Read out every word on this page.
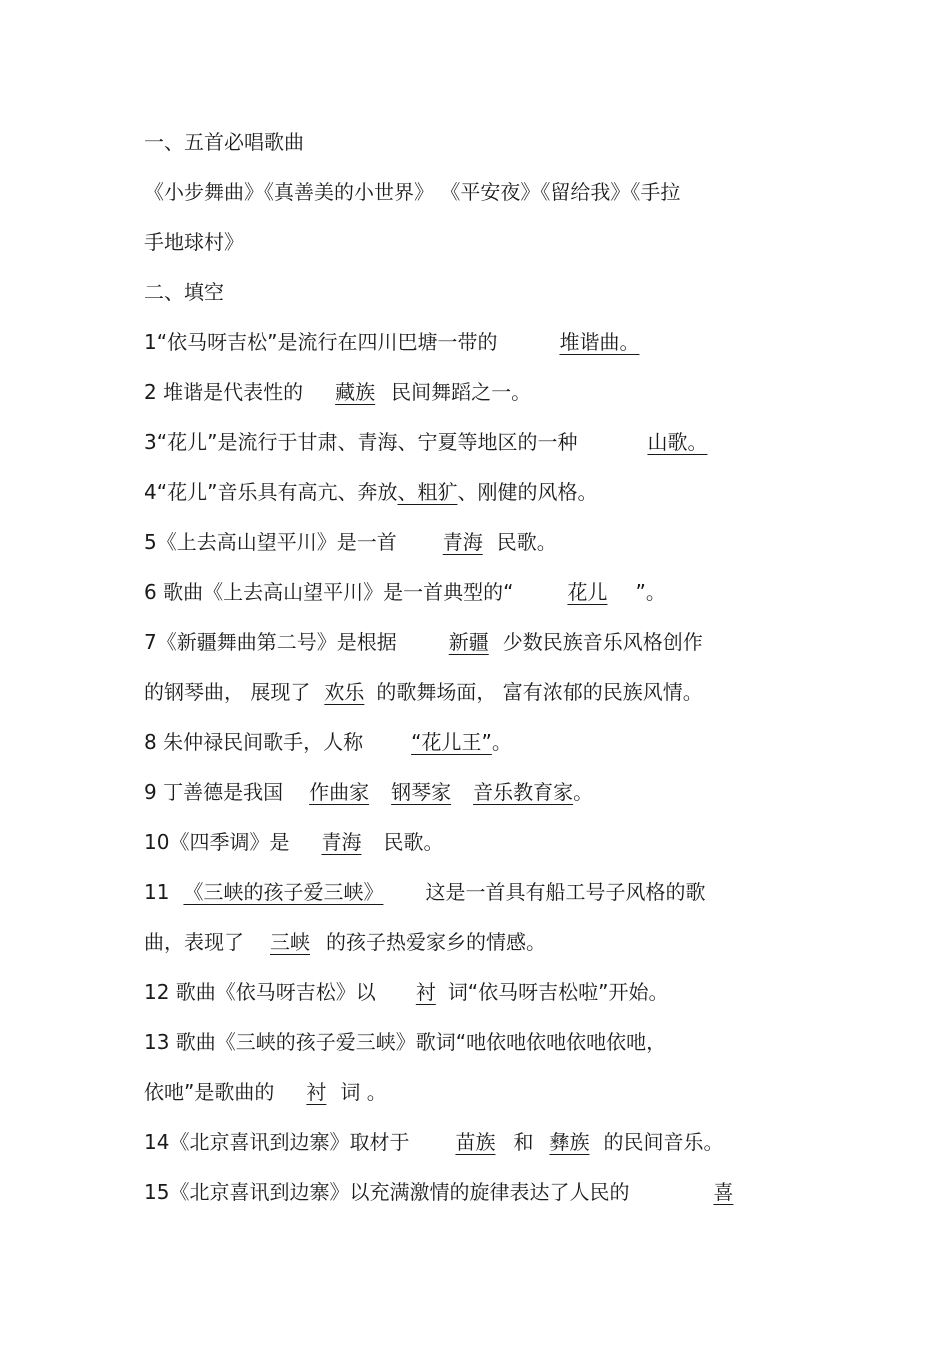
一、五首必唱歌曲
《小步舞曲》《真善美的小世界》 《平安夜》《留给我》《手拉
手地球村》
二、填空
1“依马呀吉松”是流行在四川巴塘一带的	堆谐曲。
2 堆谐是代表性的 藏族 民间舞蹈之一。
3“花儿”是流行于甘肃、青海、宁夏等地区的一种	山歌。
4“花儿”音乐具有高亢、奔放、粗犷、刚健的风格。
5《上去高山望平川》是一首 青海 民歌。
6 歌曲《上去高山望平川》是一首典型的“	花儿 ”。
7《新疆舞曲第二号》是根据	新疆 少数民族音乐风格创作
的钢琴曲， 展现了 欢乐 的歌舞场面， 富有浓郁的民族风情。
8 朱仲禄民间歌手，人称 “花儿王”。
9 丁善德是我国 作曲家 钢琴家 音乐教育家。
10《四季调》是 青海 民歌。
11 《三峡的孩子爱三峡》 这是一首具有船工号子风格的歌
曲，表现了 三峡 的孩子热爱家乡的情感。
12 歌曲《依马呀吉松》以 衬 词“依马呀吉松啦”开始。
13 歌曲《三峡的孩子爱三峡》歌词“吔依吔依吔依吔依吔，
依吔”是歌曲的 衬 词 。
14《北京喜讯到边寨》取材于 苗族 和 彝族 的民间音乐。
15《北京喜讯到边寨》以充满激情的旋律表达了人民的	喜
